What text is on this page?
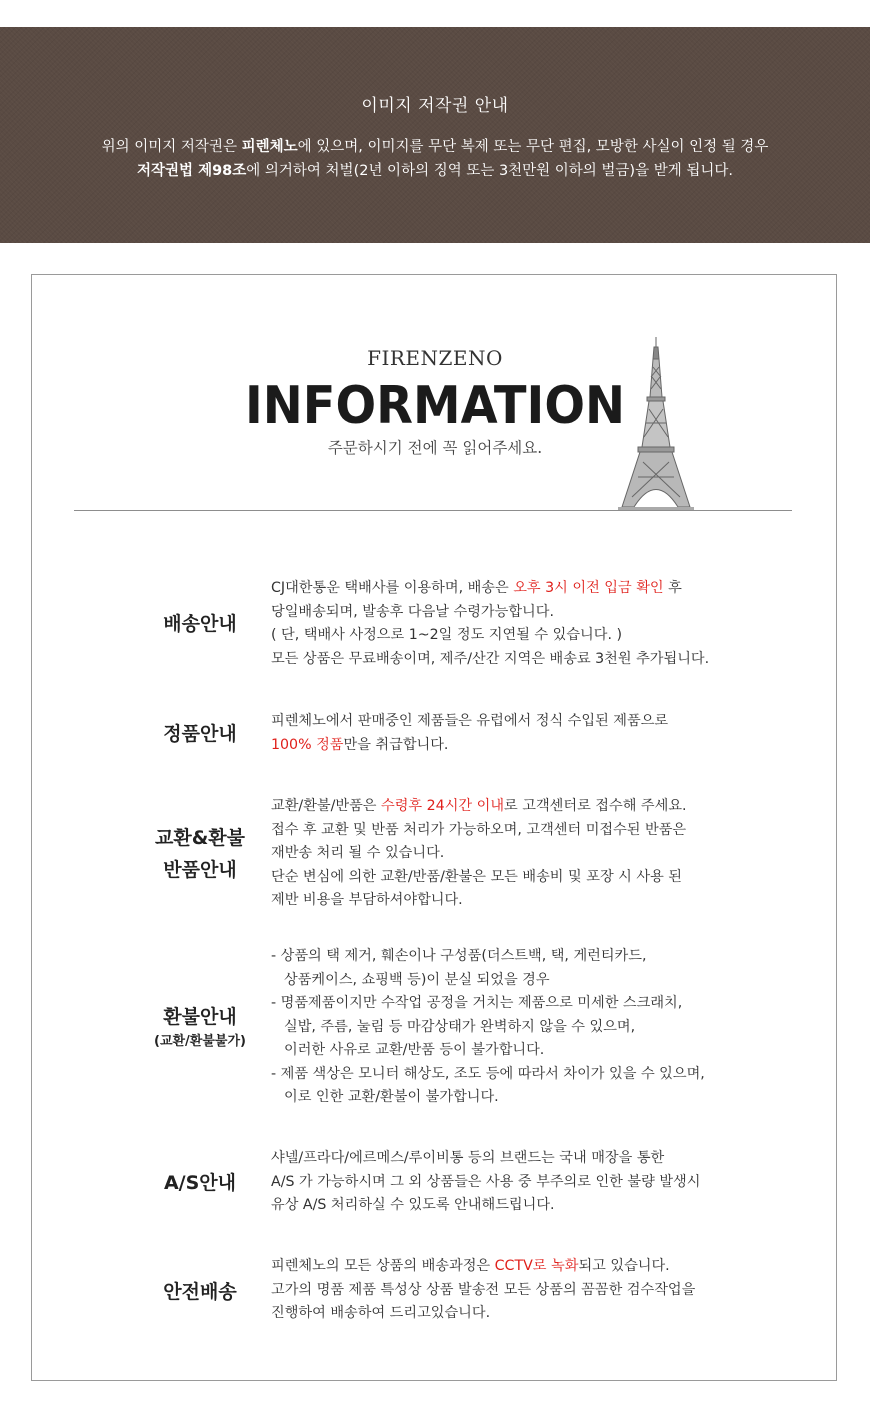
이미지 저작권 안내
위의 이미지 저작권은 피렌체노에 있으며, 이미지를 무단 복제 또는 무단 편집, 모방한 사실이 인정 될 경우
저작권법 제98조에 의거하여 처벌(2년 이하의 징역 또는 3천만원 이하의 벌금)을 받게 됩니다.
FIRENZENO
INFORMATION
주문하시기 전에 꼭 읽어주세요.
배송안내
CJ대한통운 택배사를 이용하며, 배송은 오후 3시 이전 입금 확인 후
당일배송되며, 발송후 다음날 수령가능합니다.
( 단, 택배사 사정으로 1~2일 정도 지연될 수 있습니다. )
모든 상품은 무료배송이며, 제주/산간 지역은 배송료 3천원 추가됩니다.
정품안내
피렌체노에서 판매중인 제품들은 유럽에서 정식 수입된 제품으로
100% 정품만을 취급합니다.
교환&환불
반품안내
교환/환불/반품은 수령후 24시간 이내로 고객센터로 접수해 주세요.
접수 후 교환 및 반품 처리가 가능하오며, 고객센터 미접수된 반품은
재반송 처리 될 수 있습니다.
단순 변심에 의한 교환/반품/환불은 모든 배송비 및 포장 시 사용 된
제반 비용을 부담하셔야합니다.
환불안내
(교환/환불불가)
- 상품의 택 제거, 훼손이나 구성품(더스트백, 택, 게런티카드,
상품케이스, 쇼핑백 등)이 분실 되었을 경우
- 명품제품이지만 수작업 공정을 거치는 제품으로 미세한 스크래치,
실밥, 주름, 눌림 등 마감상태가 완벽하지 않을 수 있으며,
이러한 사유로 교환/반품 등이 불가합니다.
- 제품 색상은 모니터 해상도, 조도 등에 따라서 차이가 있을 수 있으며,
이로 인한 교환/환불이 불가합니다.
A/S안내
샤넬/프라다/에르메스/루이비통 등의 브랜드는 국내 매장을 통한
A/S 가 가능하시며 그 외 상품들은 사용 중 부주의로 인한 불량 발생시
유상 A/S 처리하실 수 있도록 안내해드립니다.
안전배송
피렌체노의 모든 상품의 배송과정은 CCTV로 녹화되고 있습니다.
고가의 명품 제품 특성상 상품 발송전 모든 상품의 꼼꼼한 검수작업을
진행하여 배송하여 드리고있습니다.
